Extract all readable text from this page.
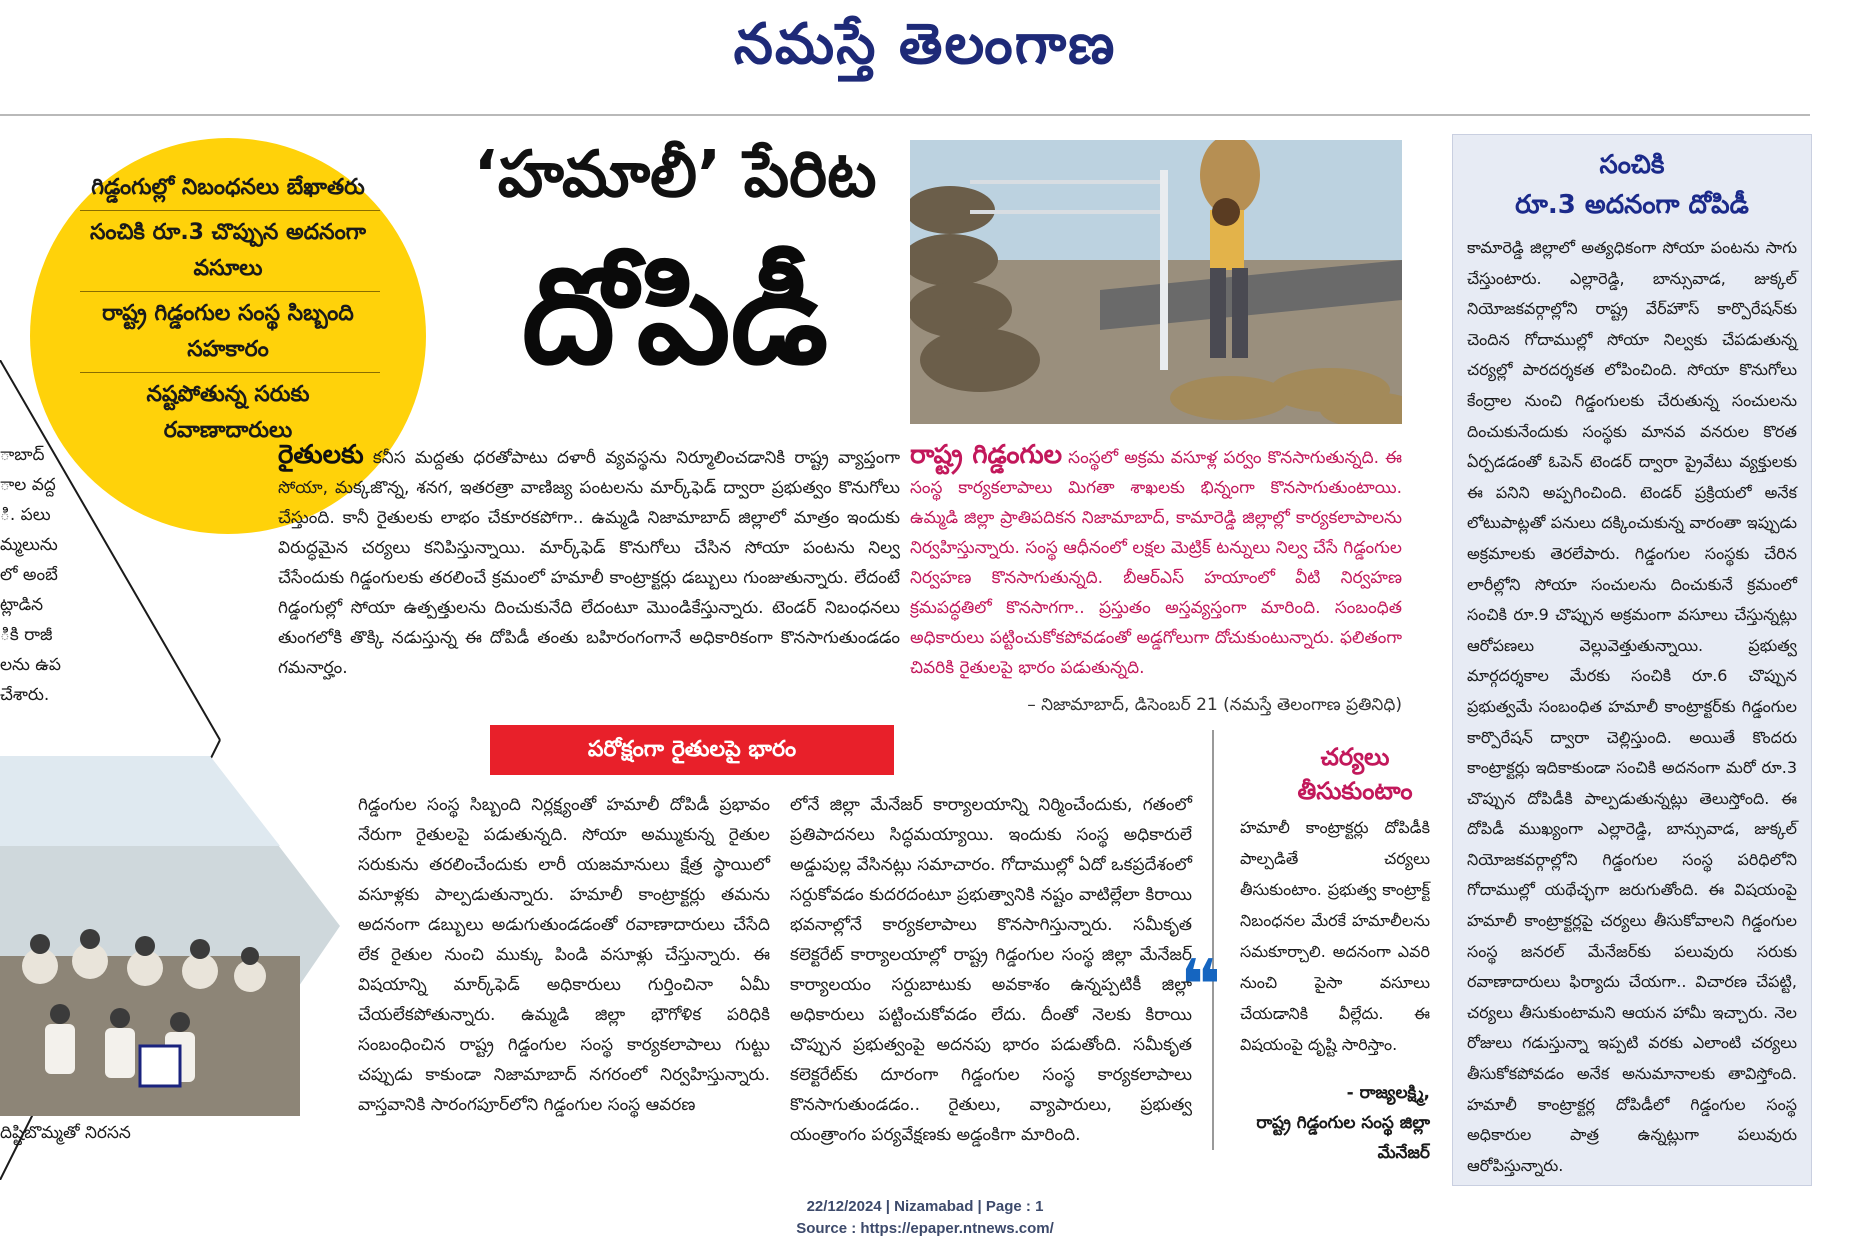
నమస్తే తెలంగాణ
గిడ్డంగుల్లో నిబంధనలు బేఖాతరు
సంచికి రూ.3 చొప్పున అదనంగా వసూలు
రాష్ట్ర గిడ్డంగుల సంస్థ సిబ్బంది సహకారం
నష్టపోతున్న సరుకు రవాణాదారులు
ాబాద్
ాల వద్ద
ి. పలు
మ్మలును
లో అంబే
ట్లాడిన
ికి రాజీ
లను ఉప
చేశారు.
దిష్టిబొమ్మతో నిరసన
‘హమాలీ’ పేరిట
దోపిడీ
రైతులకు కనీస మద్దతు ధరతోపాటు దళారీ వ్యవస్థను నిర్మూలించడానికి రాష్ట్ర వ్యాప్తంగా సోయా, మక్కజొన్న, శనగ, ఇతరత్రా వాణిజ్య పంటలను మార్క్‌ఫెడ్ ద్వారా ప్రభుత్వం కొనుగోలు చేస్తుంది. కానీ రైతులకు లాభం చేకూరకపోగా.. ఉమ్మడి నిజామాబాద్ జిల్లాలో మాత్రం ఇందుకు విరుద్ధమైన చర్యలు కనిపిస్తున్నాయి. మార్క్‌ఫెడ్ కొనుగోలు చేసిన సోయా పంటను నిల్వ చేసేందుకు గిడ్డంగులకు తరలించే క్రమంలో హమాలీ కాంట్రాక్టర్లు డబ్బులు గుంజుతున్నారు. లేదంటే గిడ్డంగుల్లో సోయా ఉత్పత్తులను దించుకునేది లేదంటూ మొండికేస్తున్నారు. టెండర్ నిబంధనలు తుంగలోకి తొక్కి నడుస్తున్న ఈ దోపిడీ తంతు బహిరంగంగానే అధికారికంగా కొనసాగుతుండడం గమనార్హం.
రాష్ట్ర గిడ్డంగుల సంస్థలో అక్రమ వసూళ్ల పర్వం కొనసాగుతున్నది. ఈ సంస్థ కార్యకలాపాలు మిగతా శాఖలకు భిన్నంగా కొనసాగుతుంటాయి. ఉమ్మడి జిల్లా ప్రాతిపదికన నిజామాబాద్, కామారెడ్డి జిల్లాల్లో కార్యకలాపాలను నిర్వహిస్తున్నారు. సంస్థ ఆధీనంలో లక్షల మెట్రిక్ టన్నులు నిల్వ చేసే గిడ్డంగుల నిర్వహణ కొనసాగుతున్నది. బీఆర్ఎస్ హయాంలో వీటి నిర్వహణ క్రమపద్ధతిలో కొనసాగగా.. ప్రస్తుతం అస్తవ్యస్తంగా మారింది. సంబంధిత అధికారులు పట్టించుకోకపోవడంతో అడ్డగోలుగా దోచుకుంటున్నారు. ఫలితంగా చివరికి రైతులపై భారం పడుతున్నది.
– నిజామాబాద్, డిసెంబర్ 21 (నమస్తే తెలంగాణ ప్రతినిధి)
పరోక్షంగా రైతులపై భారం
గిడ్డంగుల సంస్థ సిబ్బంది నిర్లక్ష్యంతో హమాలీ దోపిడీ ప్రభావం నేరుగా రైతులపై పడుతున్నది. సోయా అమ్ముకున్న రైతుల సరుకును తరలించేందుకు లారీ యజమానులు క్షేత్ర స్థాయిలో వసూళ్లకు పాల్పడుతున్నారు. హమాలీ కాంట్రాక్టర్లు తమను అదనంగా డబ్బులు అడుగుతుండడంతో రవాణాదారులు చేసేది లేక రైతుల నుంచి ముక్కు పిండి వసూళ్లు చేస్తున్నారు. ఈ విషయాన్ని మార్క్‌ఫెడ్ అధికారులు గుర్తించినా ఏమీ చేయలేకపోతున్నారు. ఉమ్మడి జిల్లా భౌగోళిక పరిధికి సంబంధించిన రాష్ట్ర గిడ్డంగుల సంస్థ కార్యకలాపాలు గుట్టు చప్పుడు కాకుండా నిజామాబాద్ నగరంలో నిర్వహిస్తున్నారు. వాస్తవానికి సారంగపూర్‌లోని గిడ్డంగుల సంస్థ ఆవరణ
లోనే జిల్లా మేనేజర్ కార్యాలయాన్ని నిర్మించేందుకు, గతంలో ప్రతిపాదనలు సిద్ధమయ్యాయి. ఇందుకు సంస్థ అధికారులే అడ్డుపుల్ల వేసినట్లు సమాచారం. గోదాముల్లో ఏదో ఒకప్రదేశంలో సర్దుకోవడం కుదరదంటూ ప్రభుత్వానికి నష్టం వాటిల్లేలా కిరాయి భవనాల్లోనే కార్యకలాపాలు కొనసాగిస్తున్నారు. సమీకృత కలెక్టరేట్ కార్యాలయాల్లో రాష్ట్ర గిడ్డంగుల సంస్థ జిల్లా మేనేజర్ కార్యాలయం సర్దుబాటుకు అవకాశం ఉన్నప్పటికీ జిల్లా అధికారులు పట్టించుకోవడం లేదు. దీంతో నెలకు కిరాయి చొప్పున ప్రభుత్వంపై అదనపు భారం పడుతోంది. సమీకృత కలెక్టరేట్‌కు దూరంగా గిడ్డంగుల సంస్థ కార్యకలాపాలు కొనసాగుతుండడం.. రైతులు, వ్యాపారులు, ప్రభుత్వ యంత్రాంగం పర్యవేక్షణకు అడ్డంకిగా మారింది.
చర్యలు తీసుకుంటాం
❝
హమాలీ కాంట్రాక్టర్లు దోపిడీకి పాల్పడితే చర్యలు తీసుకుంటాం. ప్రభుత్వ కాంట్రాక్ట్ నిబంధనల మేరకే హమాలీలను సమకూర్చాలి. అదనంగా ఎవరి నుంచి పైసా వసూలు చేయడానికి వీల్లేదు. ఈ విషయంపై దృష్టి సారిస్తాం.
- రాజ్యలక్ష్మి,
రాష్ట్ర గిడ్డంగుల సంస్థ జిల్లా మేనేజర్
సంచికి
రూ.3 అదనంగా దోపిడీ
కామారెడ్డి జిల్లాలో అత్యధికంగా సోయా పంటను సాగు చేస్తుంటారు. ఎల్లారెడ్డి, బాన్సువాడ, జుక్కల్ నియోజకవర్గాల్లోని రాష్ట్ర వేర్‌హౌస్ కార్పొరేషన్‌కు చెందిన గోదాముల్లో సోయా నిల్వకు చేపడుతున్న చర్యల్లో పారదర్శకత లోపించింది. సోయా కొనుగోలు కేంద్రాల నుంచి గిడ్డంగులకు చేరుతున్న సంచులను దించుకునేందుకు సంస్థకు మానవ వనరుల కొరత ఏర్పడడంతో ఓపెన్ టెండర్ ద్వారా ప్రైవేటు వ్యక్తులకు ఈ పనిని అప్పగించింది. టెండర్ ప్రక్రియలో అనేక లోటుపాట్లతో పనులు దక్కించుకున్న వారంతా ఇప్పుడు అక్రమాలకు తెరలేపారు. గిడ్డంగుల సంస్థకు చేరిన లారీల్లోని సోయా సంచులను దించుకునే క్రమంలో సంచికి రూ.9 చొప్పున అక్రమంగా వసూలు చేస్తున్నట్లు ఆరోపణలు వెల్లువెత్తుతున్నాయి. ప్రభుత్వ మార్గదర్శకాల మేరకు సంచికి రూ.6 చొప్పున ప్రభుత్వమే సంబంధిత హమాలీ కాంట్రాక్టర్‌కు గిడ్డంగుల కార్పొరేషన్ ద్వారా చెల్లిస్తుంది. అయితే కొందరు కాంట్రాక్టర్లు ఇదికాకుండా సంచికి అదనంగా మరో రూ.3 చొప్పున దోపిడీకి పాల్పడుతున్నట్లు తెలుస్తోంది. ఈ దోపిడీ ముఖ్యంగా ఎల్లారెడ్డి, బాన్సువాడ, జుక్కల్ నియోజకవర్గాల్లోని గిడ్డంగుల సంస్థ పరిధిలోని గోదాముల్లో యథేచ్ఛగా జరుగుతోంది. ఈ విషయంపై హమాలీ కాంట్రాక్టర్లపై చర్యలు తీసుకోవాలని గిడ్డంగుల సంస్థ జనరల్ మేనేజర్‌కు పలువురు సరుకు రవాణాదారులు ఫిర్యాదు చేయగా.. విచారణ చేపట్టి, చర్యలు తీసుకుంటామని ఆయన హామీ ఇచ్చారు. నెల రోజులు గడుస్తున్నా ఇప్పటి వరకు ఎలాంటి చర్యలు తీసుకోకపోవడం అనేక అనుమానాలకు తావిస్తోంది. హమాలీ కాంట్రాక్టర్ల దోపిడీలో గిడ్డంగుల సంస్థ అధికారుల పాత్ర ఉన్నట్లుగా పలువురు ఆరోపిస్తున్నారు.
22/12/2024 | Nizamabad | Page : 1
Source : https://epaper.ntnews.com/
